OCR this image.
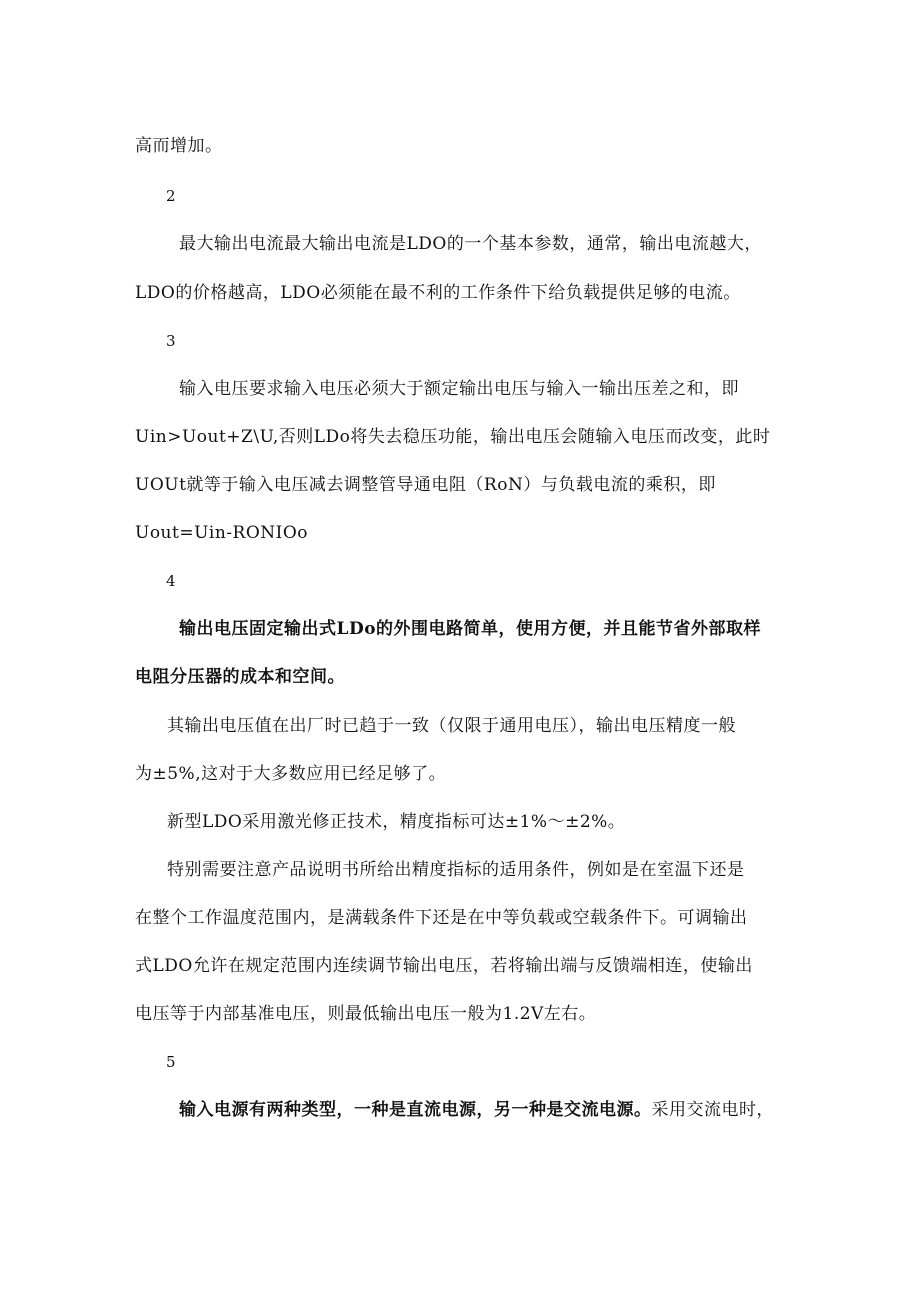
高而增加。
2
最大输出电流最大输出电流是LDO的一个基本参数，通常，输出电流越大，
LDO的价格越高，LDO必须能在最不利的工作条件下给负载提供足够的电流。
3
输入电压要求输入电压必须大于额定输出电压与输入一输出压差之和，即
Uin>Uout+Z\U,否则LDo将失去稳压功能，输出电压会随输入电压而改变，此时
UOUt就等于输入电压减去调整管导通电阻（RoN）与负载电流的乘积，即
Uout=Uin-RONIOo
4
输出电压固定输出式LDo的外围电路简单，使用方便，并且能节省外部取样
电阻分压器的成本和空间。
其输出电压值在出厂时已趋于一致（仅限于通用电压），输出电压精度一般
为±5%,这对于大多数应用已经足够了。
新型LDO采用激光修正技术，精度指标可达±1%～±2%。
特别需要注意产品说明书所给出精度指标的适用条件，例如是在室温下还是
在整个工作温度范围内，是满载条件下还是在中等负载或空载条件下。可调输出
式LDO允许在规定范围内连续调节输出电压，若将输出端与反馈端相连，使输出
电压等于内部基准电压，则最低输出电压一般为1.2V左右。
5
输入电源有两种类型，一种是直流电源，另一种是交流电源。采用交流电时，
